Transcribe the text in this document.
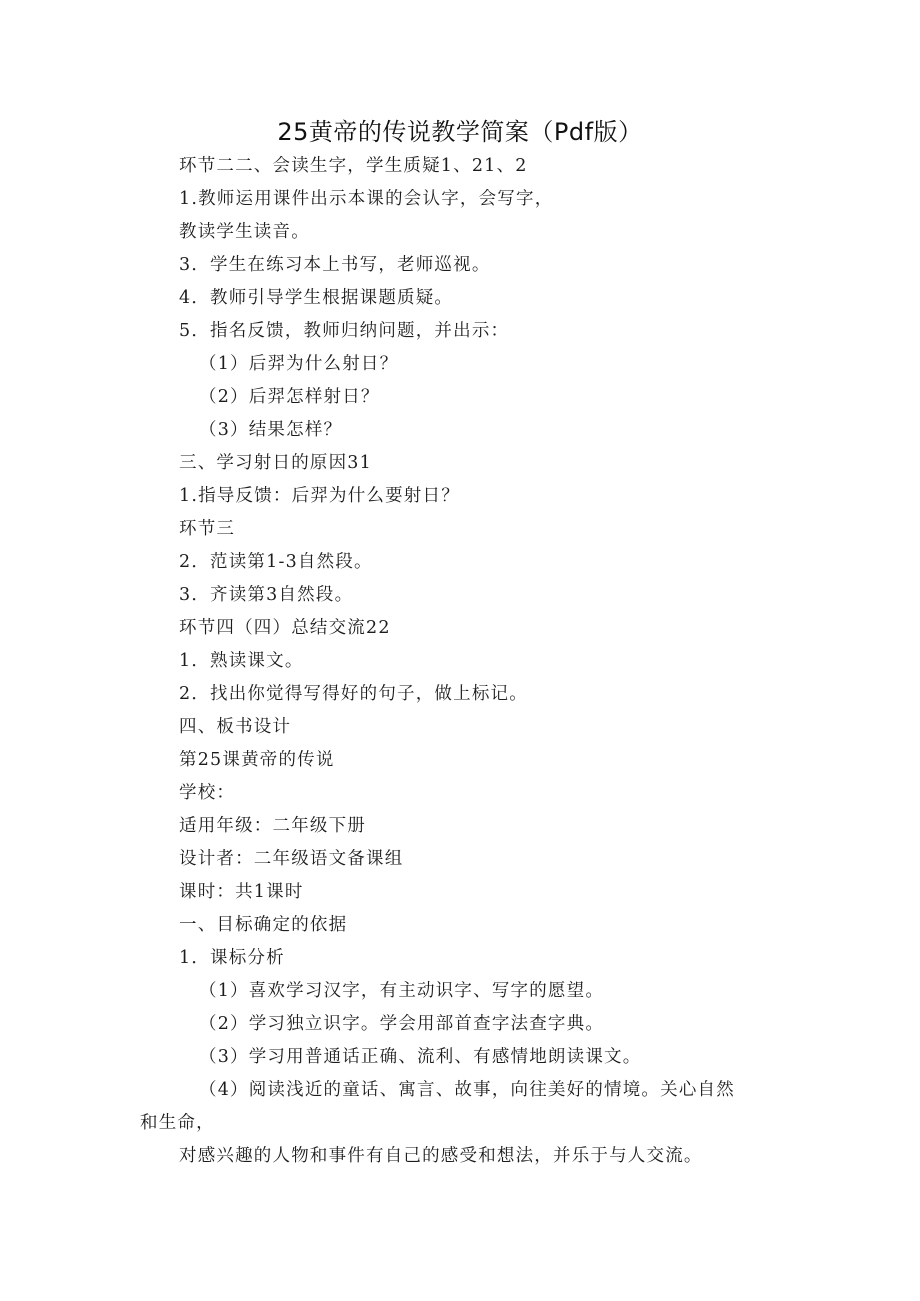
25黄帝的传说教学简案（Pdf版）
环节二二、会读生字，学生质疑1、21、2
1.教师运用课件出示本课的会认字，会写字，
教读学生读音。
3．学生在练习本上书写，老师巡视。
4．教师引导学生根据课题质疑。
5．指名反馈，教师归纳问题，并出示：
（1）后羿为什么射日？
（2）后羿怎样射日？
（3）结果怎样？
三、学习射日的原因31
1.指导反馈：后羿为什么要射日？
环节三
2．范读第1-3自然段。
3．齐读第3自然段。
环节四（四）总结交流22
1．熟读课文。
2．找出你觉得写得好的句子，做上标记。
四、板书设计
第25课黄帝的传说
学校：
适用年级：二年级下册
设计者：二年级语文备课组
课时：共1课时
一、目标确定的依据
1．课标分析
（1）喜欢学习汉字，有主动识字、写字的愿望。
（2）学习独立识字。学会用部首查字法查字典。
（3）学习用普通话正确、流利、有感情地朗读课文。
（4）阅读浅近的童话、寓言、故事，向往美好的情境。关心自然
和生命，
对感兴趣的人物和事件有自己的感受和想法，并乐于与人交流。
